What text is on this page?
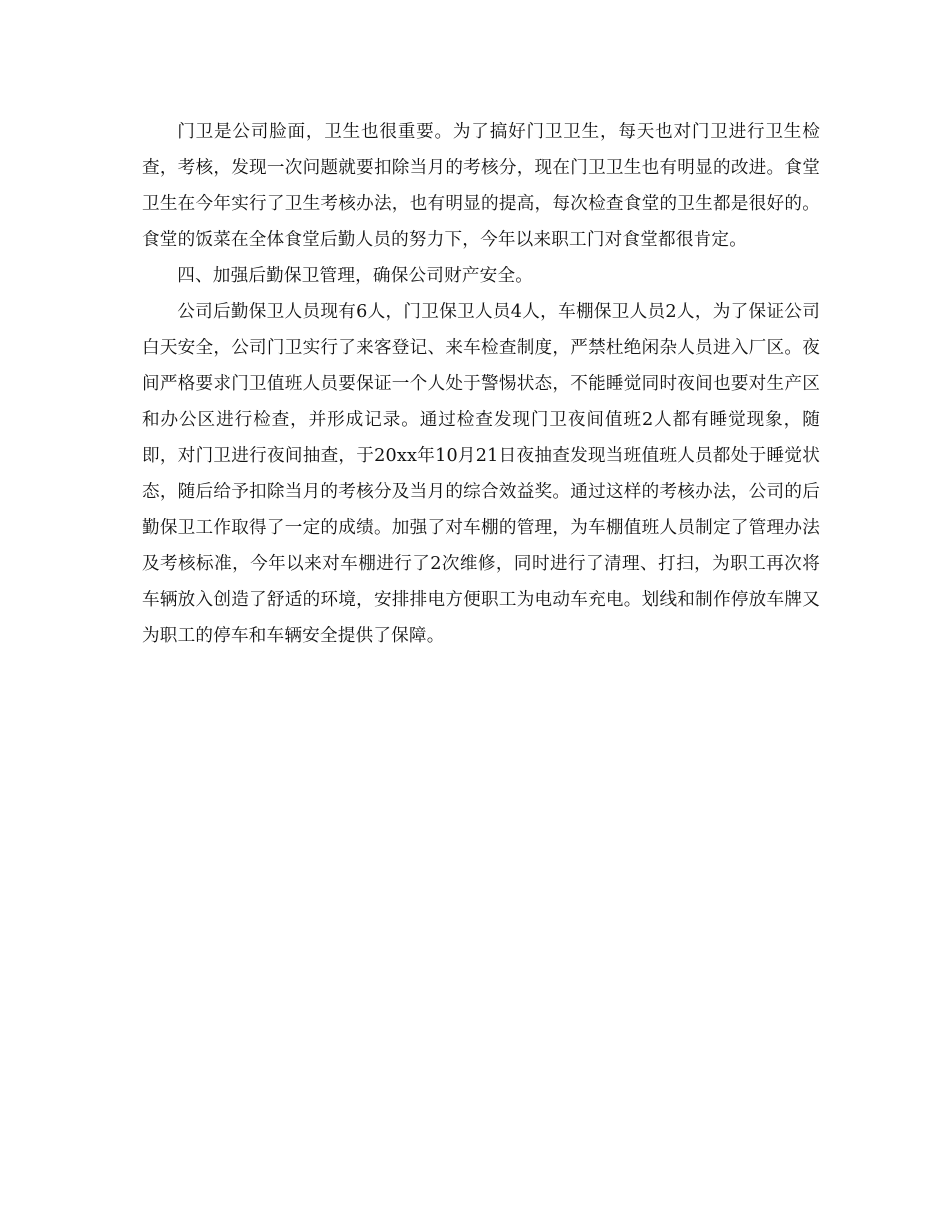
门卫是公司脸面，卫生也很重要。为了搞好门卫卫生，每天也对门卫进行卫生检查，考核，发现一次问题就要扣除当月的考核分，现在门卫卫生也有明显的改进。食堂卫生在今年实行了卫生考核办法，也有明显的提高，每次检查食堂的卫生都是很好的。食堂的饭菜在全体食堂后勤人员的努力下，今年以来职工门对食堂都很肯定。

四、加强后勤保卫管理，确保公司财产安全。

公司后勤保卫人员现有6人，门卫保卫人员4人，车棚保卫人员2人，为了保证公司白天安全，公司门卫实行了来客登记、来车检查制度，严禁杜绝闲杂人员进入厂区。夜间严格要求门卫值班人员要保证一个人处于警惕状态，不能睡觉同时夜间也要对生产区和办公区进行检查，并形成记录。通过检查发现门卫夜间值班2人都有睡觉现象，随即，对门卫进行夜间抽查，于20xx年10月21日夜抽查发现当班值班人员都处于睡觉状态，随后给予扣除当月的考核分及当月的综合效益奖。通过这样的考核办法，公司的后勤保卫工作取得了一定的成绩。加强了对车棚的管理，为车棚值班人员制定了管理办法及考核标准，今年以来对车棚进行了2次维修，同时进行了清理、打扫，为职工再次将车辆放入创造了舒适的环境，安排排电方便职工为电动车充电。划线和制作停放车牌又为职工的停车和车辆安全提供了保障。
